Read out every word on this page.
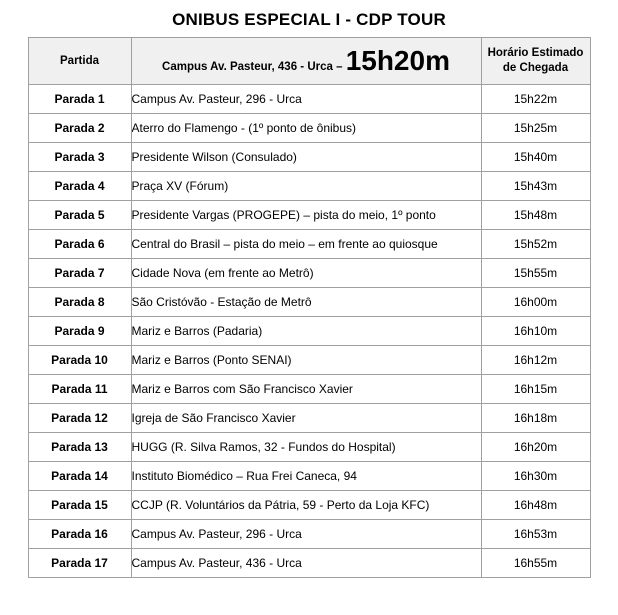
ONIBUS ESPECIAL I - CDP TOUR
Partida	Campus Av. Pasteur, 436 - Urca – 15h20m	Horário Estimado de Chegada
Parada 1	Campus Av. Pasteur, 296 - Urca	15h22m
Parada 2	Aterro do Flamengo - (1º ponto de ônibus)	15h25m
Parada 3	Presidente Wilson (Consulado)	15h40m
Parada 4	Praça XV (Fórum)	15h43m
Parada 5	Presidente Vargas (PROGEPE) – pista do meio, 1º ponto	15h48m
Parada 6	Central do Brasil – pista do meio – em frente ao quiosque	15h52m
Parada 7	Cidade Nova (em frente ao Metrô)	15h55m
Parada 8	São Cristóvão - Estação de Metrô	16h00m
Parada 9	Mariz e Barros (Padaria)	16h10m
Parada 10	Mariz e Barros (Ponto SENAI)	16h12m
Parada 11	Mariz e Barros com São Francisco Xavier	16h15m
Parada 12	Igreja de São Francisco Xavier	16h18m
Parada 13	HUGG (R. Silva Ramos, 32 - Fundos do Hospital)	16h20m
Parada 14	Instituto Biomédico – Rua Frei Caneca, 94	16h30m
Parada 15	CCJP (R. Voluntários da Pátria, 59 - Perto da Loja KFC)	16h48m
Parada 16	Campus Av. Pasteur, 296 - Urca	16h53m
Parada 17	Campus Av. Pasteur, 436 - Urca	16h55m
